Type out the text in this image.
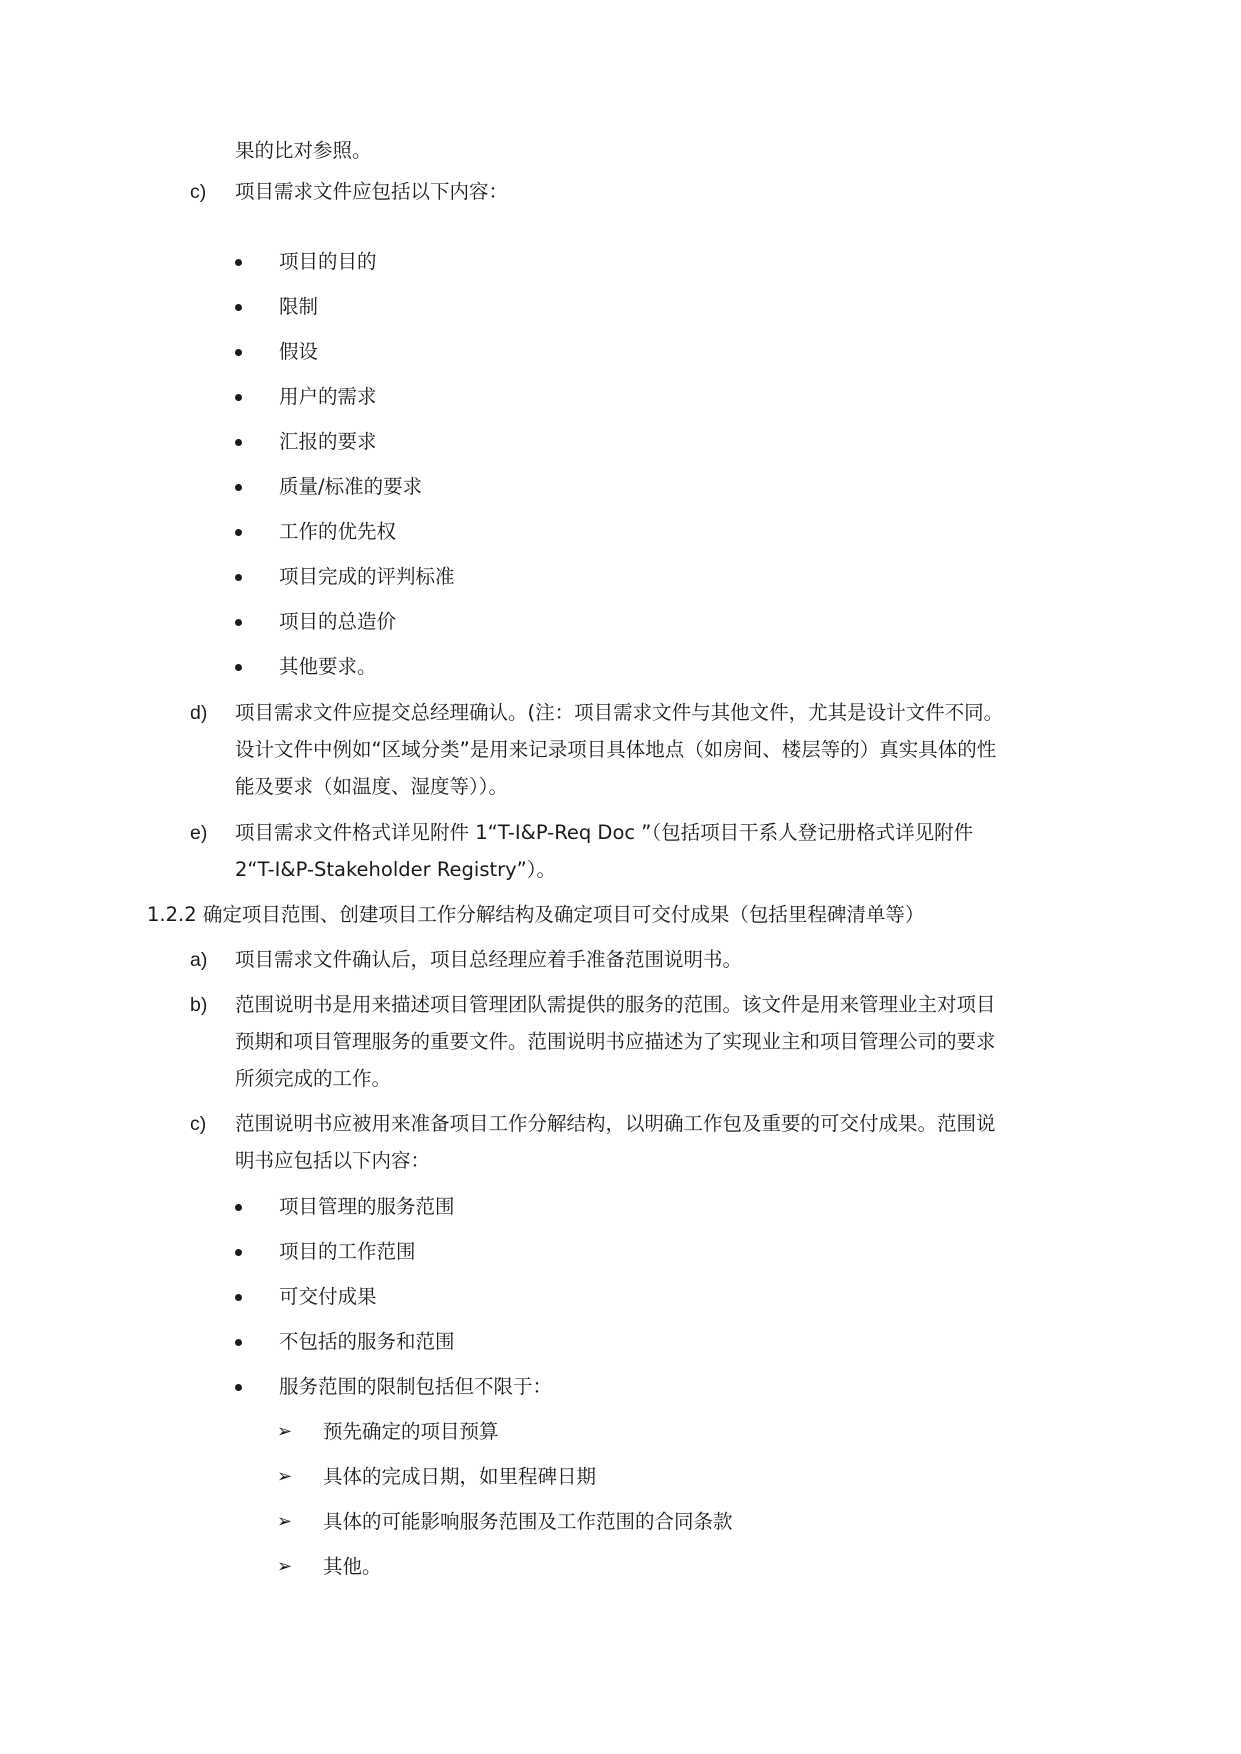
果的比对参照。
c) 项目需求文件应包括以下内容：
项目的目的
限制
假设
用户的需求
汇报的要求
质量/标准的要求
工作的优先权
项目完成的评判标准
项目的总造价
其他要求。
d) 项目需求文件应提交总经理确认。(注：项目需求文件与其他文件，尤其是设计文件不同。
设计文件中例如“区域分类”是用来记录项目具体地点（如房间、楼层等的）真实具体的性
能及要求（如温度、湿度等））。
e) 项目需求文件格式详见附件 1“T-I&P-Req Doc ”（包括项目干系人登记册格式详见附件
2“T-I&P-Stakeholder Registry”）。
1.2.2 确定项目范围、创建项目工作分解结构及确定项目可交付成果（包括里程碑清单等）
a) 项目需求文件确认后，项目总经理应着手准备范围说明书。
b) 范围说明书是用来描述项目管理团队需提供的服务的范围。该文件是用来管理业主对项目
预期和项目管理服务的重要文件。范围说明书应描述为了实现业主和项目管理公司的要求
所须完成的工作。
c) 范围说明书应被用来准备项目工作分解结构，以明确工作包及重要的可交付成果。范围说
明书应包括以下内容：
项目管理的服务范围
项目的工作范围
可交付成果
不包括的服务和范围
服务范围的限制包括但不限于：
➢ 预先确定的项目预算
➢ 具体的完成日期，如里程碑日期
➢ 具体的可能影响服务范围及工作范围的合同条款
➢ 其他。
